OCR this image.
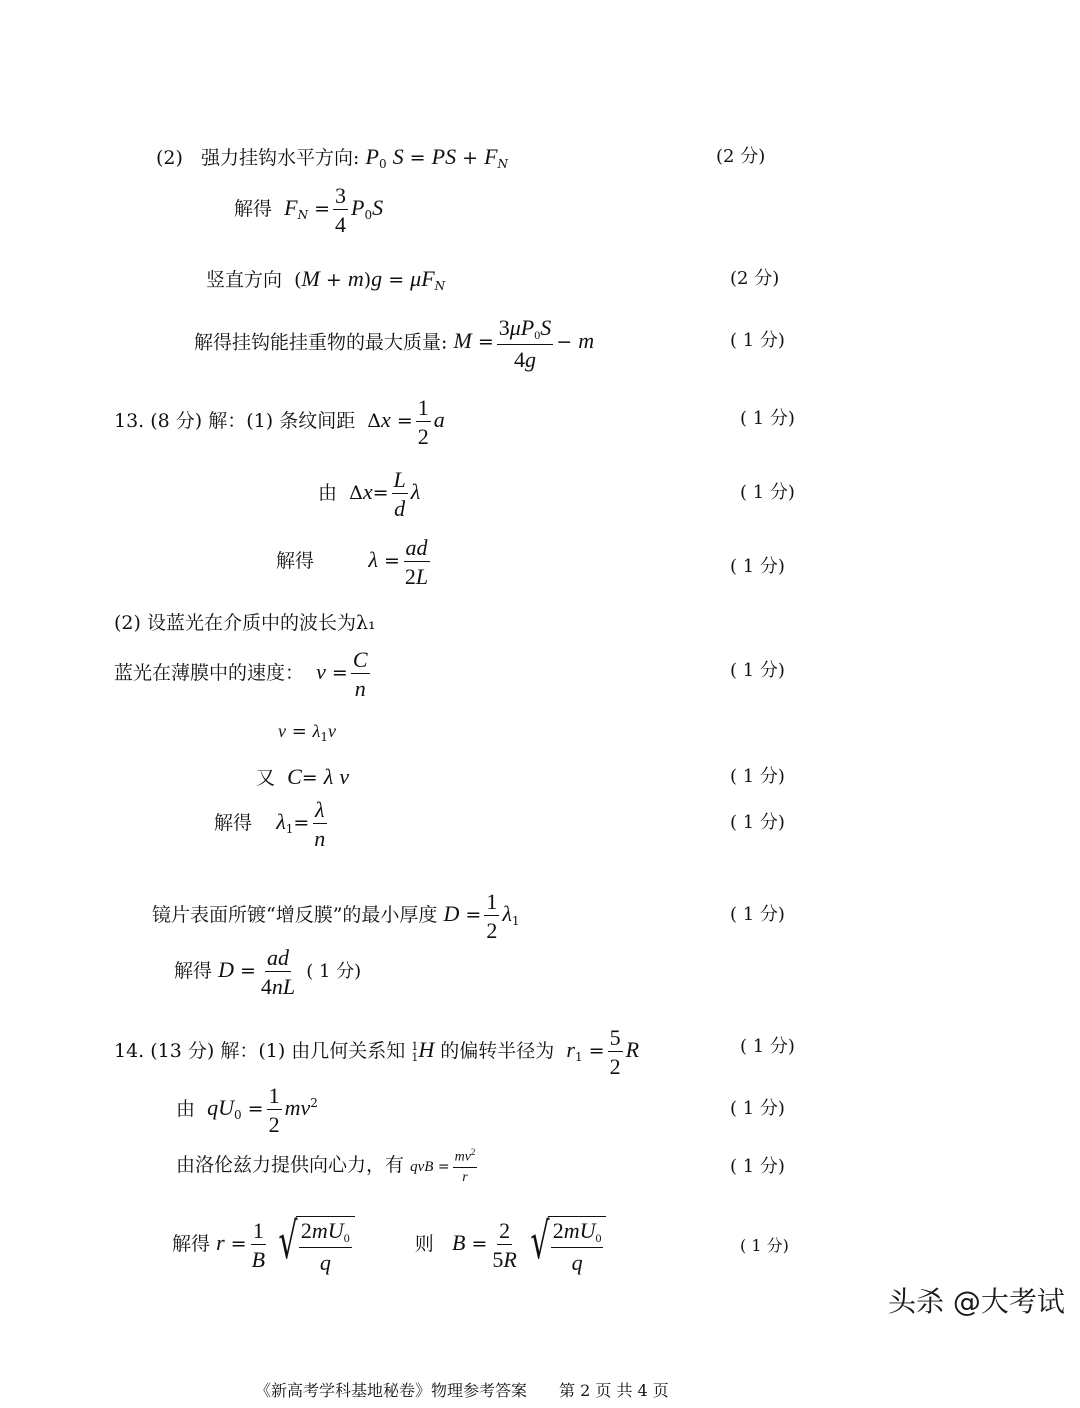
(2) 强力挂钩水平方向: $P_0$ S = PS + $F_N$	(2 分)
解得 $F_N = \frac{3}{4} P_0S$
竖直方向  $(M + m)g = \mu F_N$	(2 分)
解得挂钩能挂重物的最大质量: $M = \frac{3\mu P_0S}{4g} - m$	( 1 分)
13. (8 分) 解：(1) 条纹间距  $\Delta x = \frac{1}{2}$ a	( 1 分)
由  $\Delta x= \frac{L}{d}$ λ	( 1 分)
解得 $\lambda = \frac{ad}{2L}$	( 1 分)
(2) 设蓝光在介质中的波长为λ₁
蓝光在薄膜中的速度： $v = \frac{C}{n}$	( 1 分)
$v = \lambda_1\nu$
又 C= λ ν	( 1 分)
解得 $\lambda_1= \frac{\lambda}{n}$	( 1 分)
镜片表面所镀“增反膜”的最小厚度 $D = \frac{1}{2} \lambda_1$	( 1 分)
解得 $D = \frac{ad}{4nL}$ ( 1 分)
14. (13 分) 解：(1) 由几何关系知 1
1 H 的偏转半径为 $r_1 = \frac{5}{2}$ R	( 1 分)
由 $qU_0 = \frac{1}{2} mv^2$	( 1 分)
由洛伦兹力提供向心力，有 qvB = $\frac{mv^2}{r}$	( 1 分)
解得 $r = \frac{1}{B}$ √ $\frac{2mU_0}{q}$	则 $B = \frac{2}{5R}$ √ $\frac{2mU_0}{q}$	( 1 分)
《新高考学科基地秘卷》物理参考答案　　第 2 页 共 4 页
头杀 @大考试
